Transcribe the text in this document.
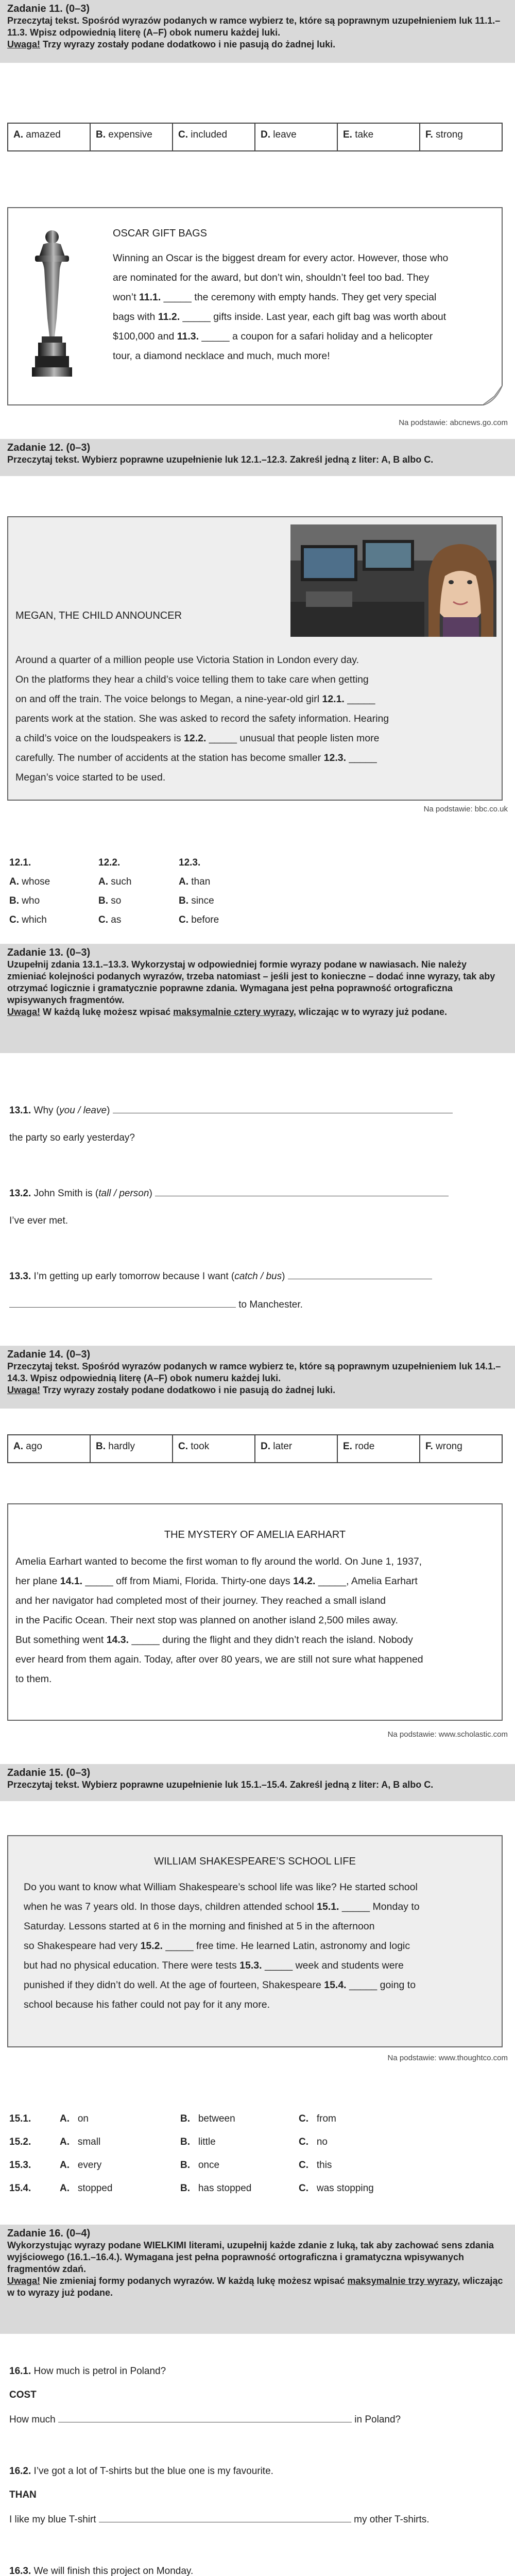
Zadanie 11. (0–3)
Przeczytaj tekst. Spośród wyrazów podanych w ramce wybierz te, które są poprawnym uzupełnieniem luk 11.1.–11.3. Wpisz odpowiednią literę (A–F) obok numeru każdej luki.
Uwaga! Trzy wyrazy zostały podane dodatkowo i nie pasują do żadnej luki.
A. amazed	B. expensive	C. included	D. leave	E. take	F. strong
OSCAR GIFT BAGS
Winning an Oscar is the biggest dream for every actor. However, those who
are nominated for the award, but don’t win, shouldn’t feel too bad. They
won’t 11.1. _____ the ceremony with empty hands. They get very special
bags with 11.2. _____ gifts inside. Last year, each gift bag was worth about
$100,000 and 11.3. _____ a coupon for a safari holiday and a helicopter
tour, a diamond necklace and much, much more!
Na podstawie: abcnews.go.com
Zadanie 12. (0–3)
Przeczytaj tekst. Wybierz poprawne uzupełnienie luk 12.1.–12.3. Zakreśl jedną z liter: A, B albo C.
MEGAN, THE CHILD ANNOUNCER
Around a quarter of a million people use Victoria Station in London every day.
On the platforms they hear a child’s voice telling them to take care when getting
on and off the train. The voice belongs to Megan, a nine-year-old girl 12.1. _____
parents work at the station. She was asked to record the safety information. Hearing
a child’s voice on the loudspeakers is 12.2. _____ unusual that people listen more
carefully. The number of accidents at the station has become smaller 12.3. _____
Megan’s voice started to be used.
Na podstawie: bbc.co.uk
12.1.
A. whose
B. who
C. which
12.2.
A. such
B. so
C. as
12.3.
A. than
B. since
C. before
Zadanie 13. (0–3)
Uzupełnij zdania 13.1.–13.3. Wykorzystaj w odpowiedniej formie wyrazy podane w nawiasach. Nie należy zmieniać kolejności podanych wyrazów, trzeba natomiast – jeśli jest to konieczne – dodać inne wyrazy, tak aby otrzymać logicznie i gramatycznie poprawne zdania. Wymagana jest pełna poprawność ortograficzna wpisywanych fragmentów.
Uwaga! W każdą lukę możesz wpisać maksymalnie cztery wyrazy, wliczając w to wyrazy już podane.
13.1. Why (you / leave)
the party so early yesterday?
13.2. John Smith is (tall / person)
I’ve ever met.
13.3. I’m getting up early tomorrow because I want (catch / bus)
to Manchester.
Zadanie 14. (0–3)
Przeczytaj tekst. Spośród wyrazów podanych w ramce wybierz te, które są poprawnym uzupełnieniem luk 14.1.–14.3. Wpisz odpowiednią literę (A–F) obok numeru każdej luki.
Uwaga! Trzy wyrazy zostały podane dodatkowo i nie pasują do żadnej luki.
A. ago	B. hardly	C. took	D. later	E. rode	F. wrong
THE MYSTERY OF AMELIA EARHART
Amelia Earhart wanted to become the first woman to fly around the world. On June 1, 1937,
her plane 14.1. _____ off from Miami, Florida. Thirty-one days 14.2. _____, Amelia Earhart
and her navigator had completed most of their journey. They reached a small island
in the Pacific Ocean. Their next stop was planned on another island 2,500 miles away.
But something went 14.3. _____ during the flight and they didn’t reach the island. Nobody
ever heard from them again. Today, after over 80 years, we are still not sure what happened
to them.
Na podstawie: www.scholastic.com
Zadanie 15. (0–3)
Przeczytaj tekst. Wybierz poprawne uzupełnienie luk 15.1.–15.4. Zakreśl jedną z liter: A, B albo C.
WILLIAM SHAKESPEARE’S SCHOOL LIFE
Do you want to know what William Shakespeare’s school life was like? He started school
when he was 7 years old. In those days, children attended school 15.1. _____ Monday to
Saturday. Lessons started at 6 in the morning and finished at 5 in the afternoon
so Shakespeare had very 15.2. _____ free time. He learned Latin, astronomy and logic
but had no physical education. There were tests 15.3. _____ week and students were
punished if they didn’t do well. At the age of fourteen, Shakespeare 15.4. _____ going to
school because his father could not pay for it any more.
Na podstawie: www.thoughtco.com
15.1.	A. on	B. between	C. from
15.2.	A. small	B. little	C. no
15.3.	A. every	B. once	C. this
15.4.	A. stopped	B. has stopped	C. was stopping
Zadanie 16. (0–4)
Wykorzystując wyrazy podane WIELKIMI literami, uzupełnij każde zdanie z luką, tak aby zachować sens zdania wyjściowego (16.1.–16.4.). Wymagana jest pełna poprawność ortograficzna i gramatyczna wpisywanych fragmentów zdań.
Uwaga! Nie zmieniaj formy podanych wyrazów. W każdą lukę możesz wpisać maksymalnie trzy wyrazy, wliczając w to wyrazy już podane.
16.1. How much is petrol in Poland?
COST
How much	in Poland?
16.2. I’ve got a lot of T-shirts but the blue one is my favourite.
THAN
I like my blue T-shirt	my other T-shirts.
16.3. We will finish this project on Monday.
